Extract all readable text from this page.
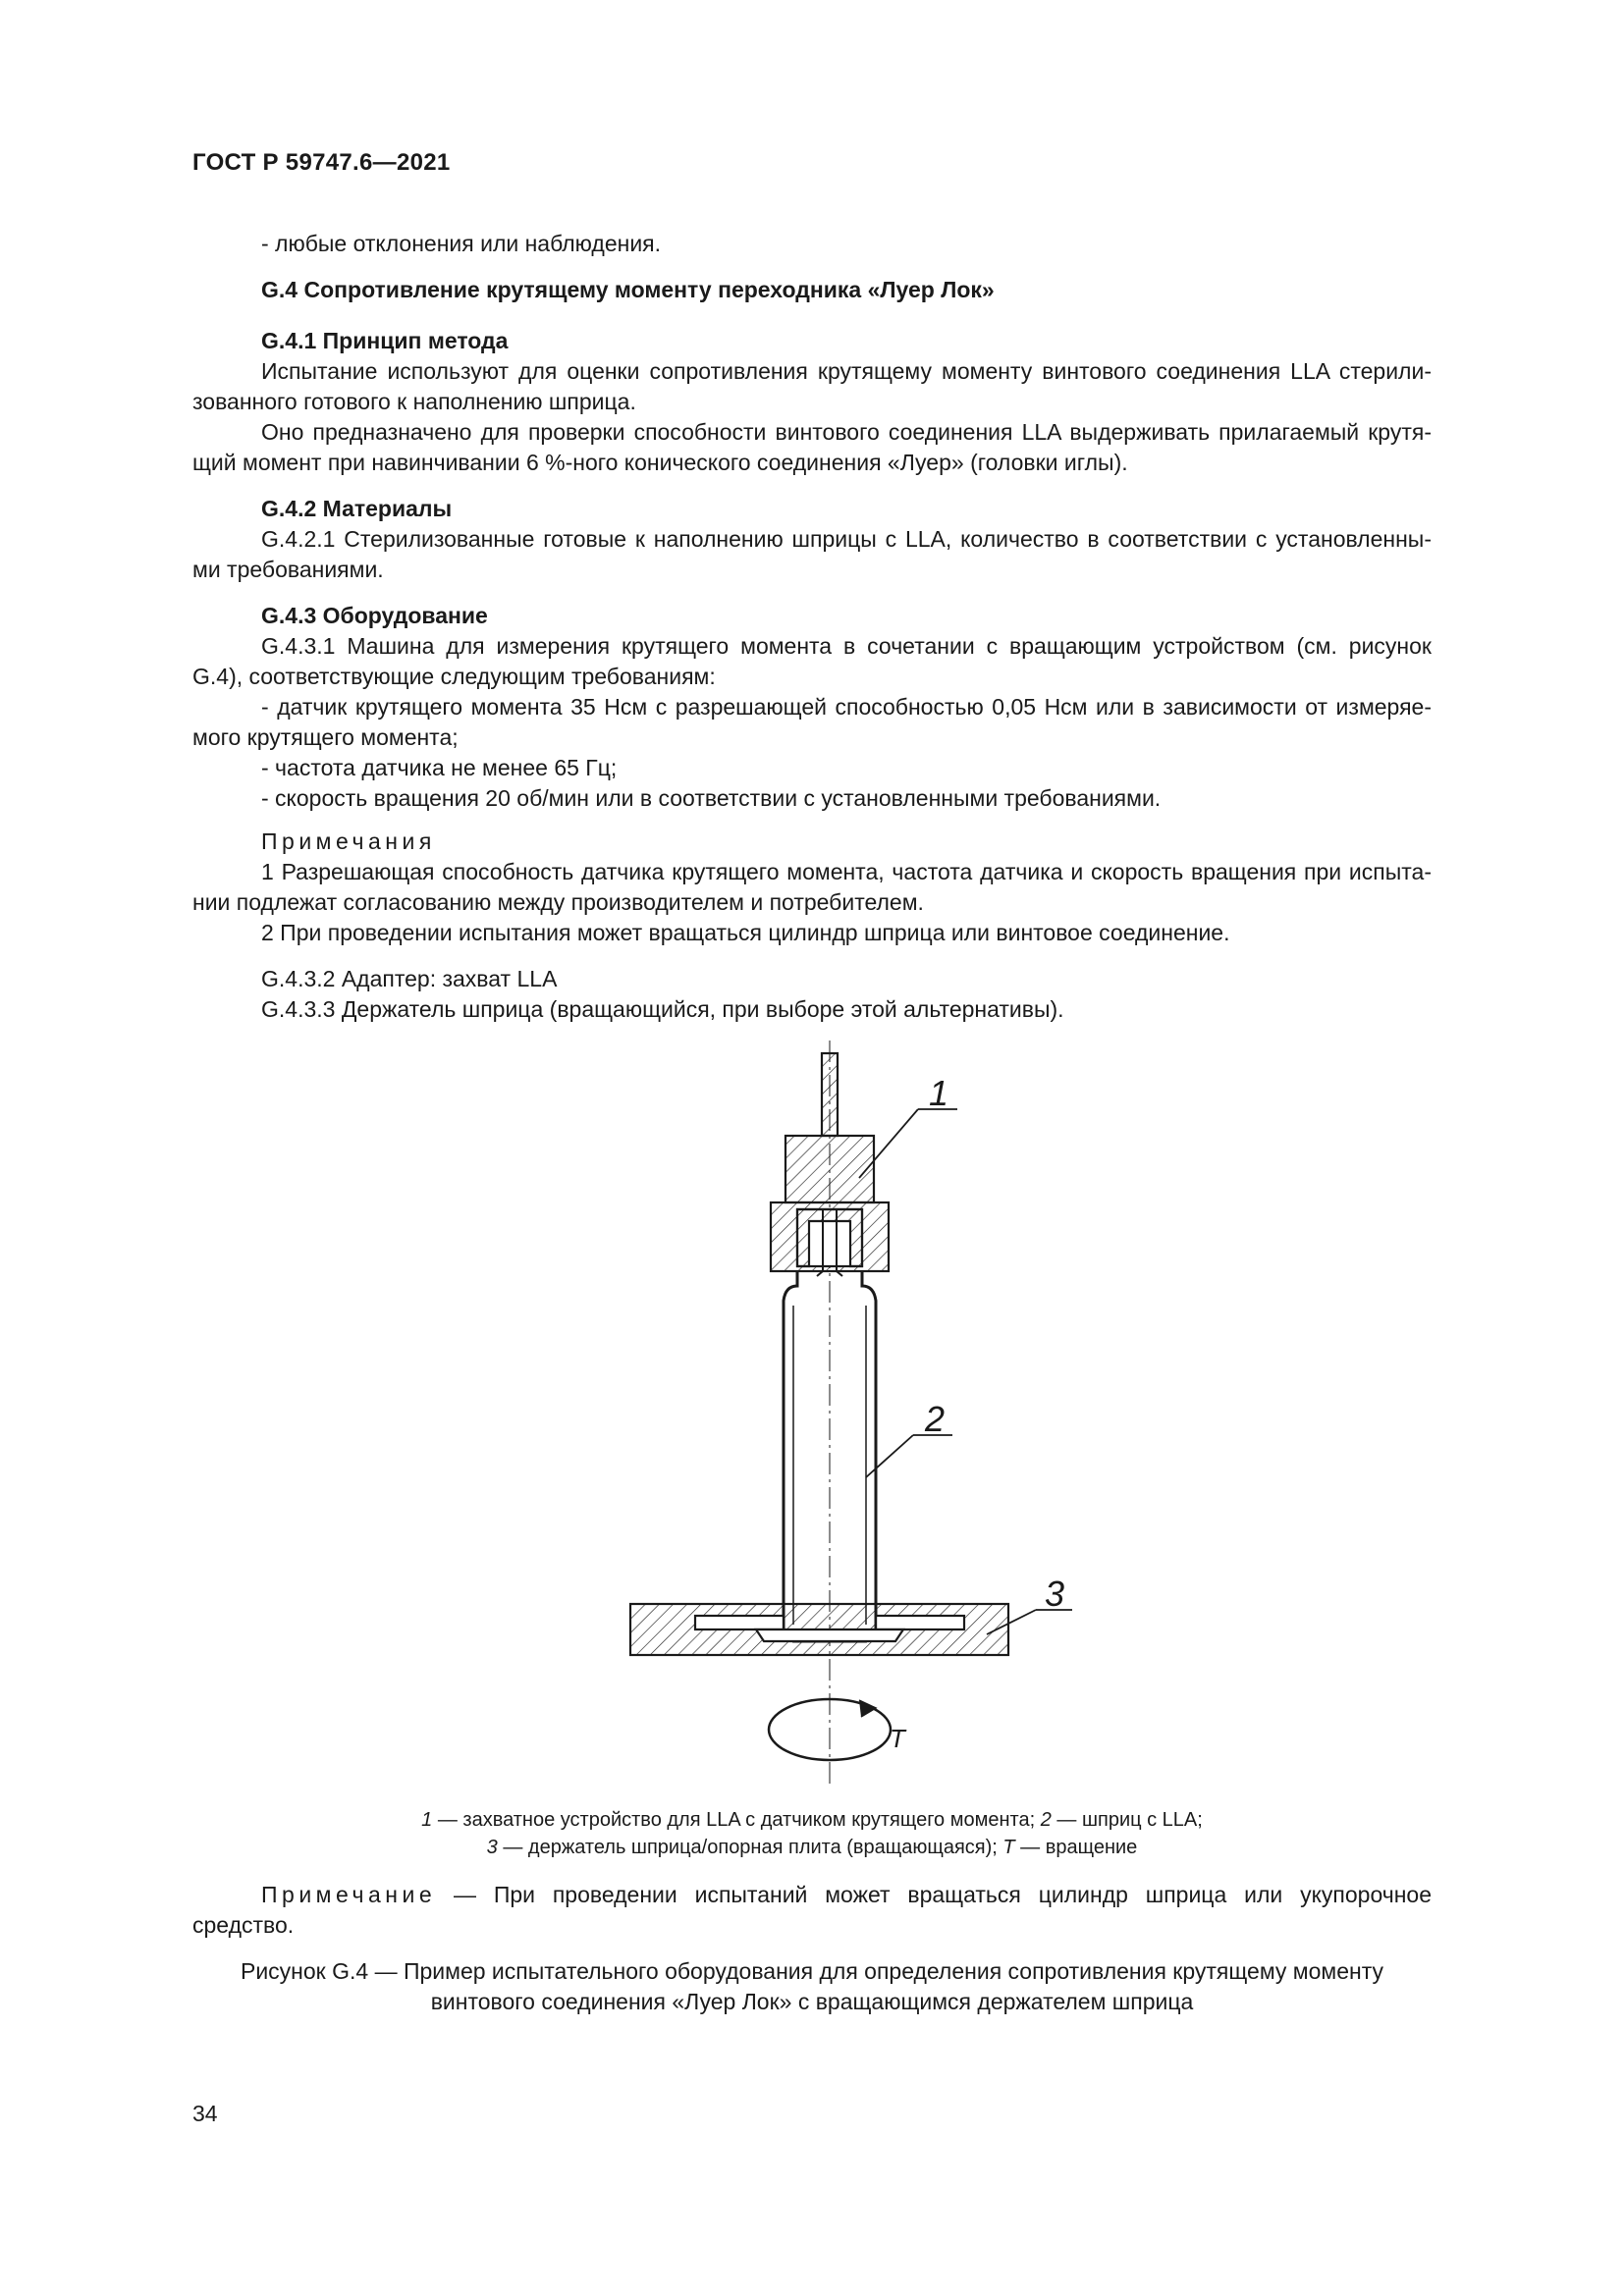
ГОСТ Р 59747.6—2021
- любые отклонения или наблюдения.
G.4 Сопротивление крутящему моменту переходника «Луер Лок»
G.4.1 Принцип метода
Испытание используют для оценки сопротивления крутящему моменту винтового соединения LLA стерили-
зованного готового к наполнению шприца.
Оно предназначено для проверки способности винтового соединения LLA выдерживать прилагаемый крутя-
щий момент при навинчивании 6 %-ного конического соединения «Луер» (головки иглы).
G.4.2 Материалы
G.4.2.1 Стерилизованные готовые к наполнению шприцы с LLA, количество в соответствии с установленны-
ми требованиями.
G.4.3 Оборудование
G.4.3.1 Машина для измерения крутящего момента в сочетании с вращающим устройством (см. рисунок
G.4), соответствующие следующим требованиям:
- датчик крутящего момента 35 Нсм с разрешающей способностью 0,05 Нсм или в зависимости от измеряе-
мого крутящего момента;
- частота датчика не менее 65 Гц;
- скорость вращения 20 об/мин или в соответствии с установленными требованиями.
Примечания
1 Разрешающая способность датчика крутящего момента, частота датчика и скорость вращения при испыта-
нии подлежат согласованию между производителем и потребителем.
2 При проведении испытания может вращаться цилиндр шприца или винтовое соединение.
G.4.3.2 Адаптер: захват LLA
G.4.3.3 Держатель шприца (вращающийся, при выборе этой альтернативы).
1
2
3
T
1 — захватное устройство для LLA с датчиком крутящего момента; 2 — шприц с LLA;
3 — держатель шприца/опорная плита (вращающаяся); T — вращение
Примечание — При проведении испытаний может вращаться цилиндр шприца или укупорочное
средство.
Рисунок G.4 — Пример испытательного оборудования для определения сопротивления крутящему моменту
винтового соединения «Луер Лок» с вращающимся держателем шприца
34
